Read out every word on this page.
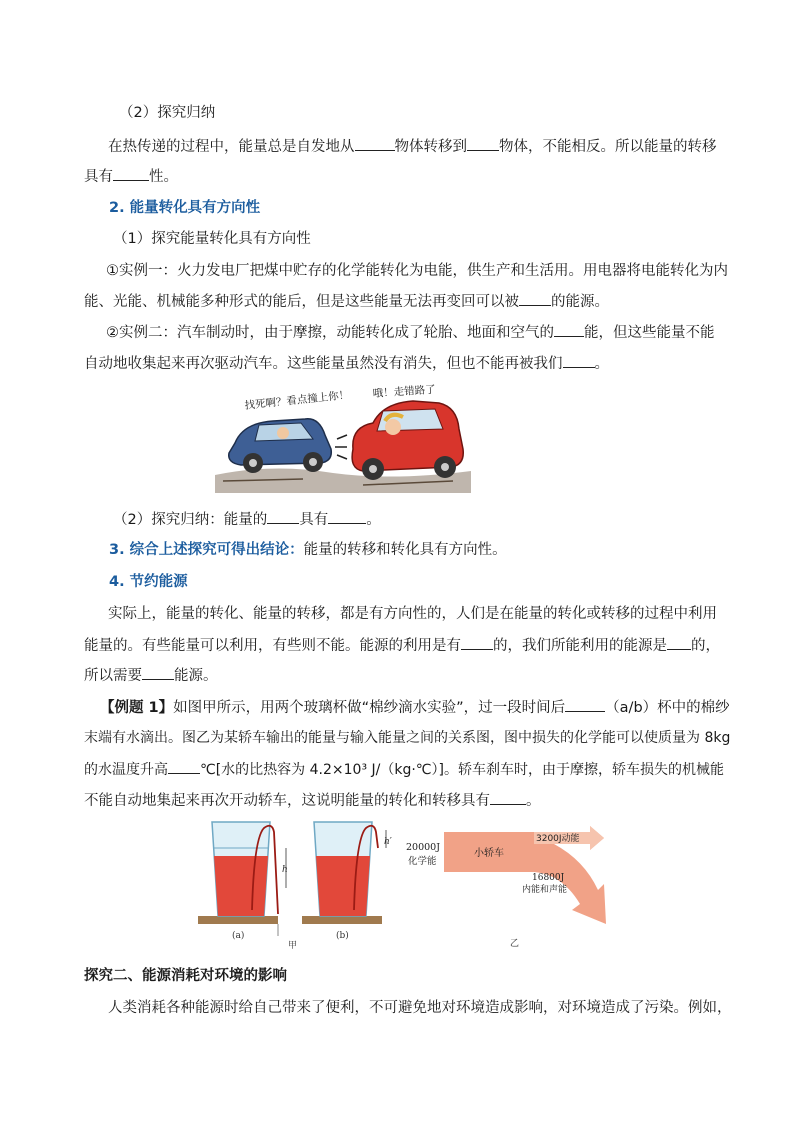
（2）探究归纳
在热传递的过程中，能量总是自发地从	物体转移到 物体，不能相反。所以能量的转移
具有 性。
2. 能量转化具有方向性
（1）探究能量转化具有方向性
①实例一：火力发电厂把煤中贮存的化学能转化为电能，供生产和生活用。用电器将电能转化为内
能、光能、机械能多种形式的能后，但是这些能量无法再变回可以被 的能源。
②实例二：汽车制动时，由于摩擦，动能转化成了轮胎、地面和空气的 能，但这些能量不能
自动地收集起来再次驱动汽车。这些能量虽然没有消失，但也不能再被我们 。
找死啊？看点撞上你！ 哦！走错路了
（2）探究归纳：能量的 具有	。
3. 综合上述探究可得出结论：能量的转移和转化具有方向性。
4. 节约能源
实际上，能量的转化、能量的转移，都是有方向性的，人们是在能量的转化或转移的过程中利用
能量的。有些能量可以利用，有些则不能。能源的利用是有 的，我们所能利用的能源是 的，
所以需要 能源。
【例题 1】如图甲所示，用两个玻璃杯做“棉纱滴水实验”，过一段时间后	（a/b）杯中的棉纱
末端有水滴出。图乙为某轿车输出的能量与输入能量之间的关系图，图中损失的化学能可以使质量为 8kg
的水温度升高 ℃[水的比热容为 4.2×10³ J/（kg·℃）]。轿车刹车时，由于摩擦，轿车损失的机械能
不能自动地集起来再次开动轿车，这说明能量的转化和转移具有 。
h
h′
(a)	(b)
甲
20000J
化学能
小轿车
3200J动能
16800J
内能和声能
乙
探究二、能源消耗对环境的影响
人类消耗各种能源时给自己带来了便利，不可避免地对环境造成影响，对环境造成了污染。例如，
